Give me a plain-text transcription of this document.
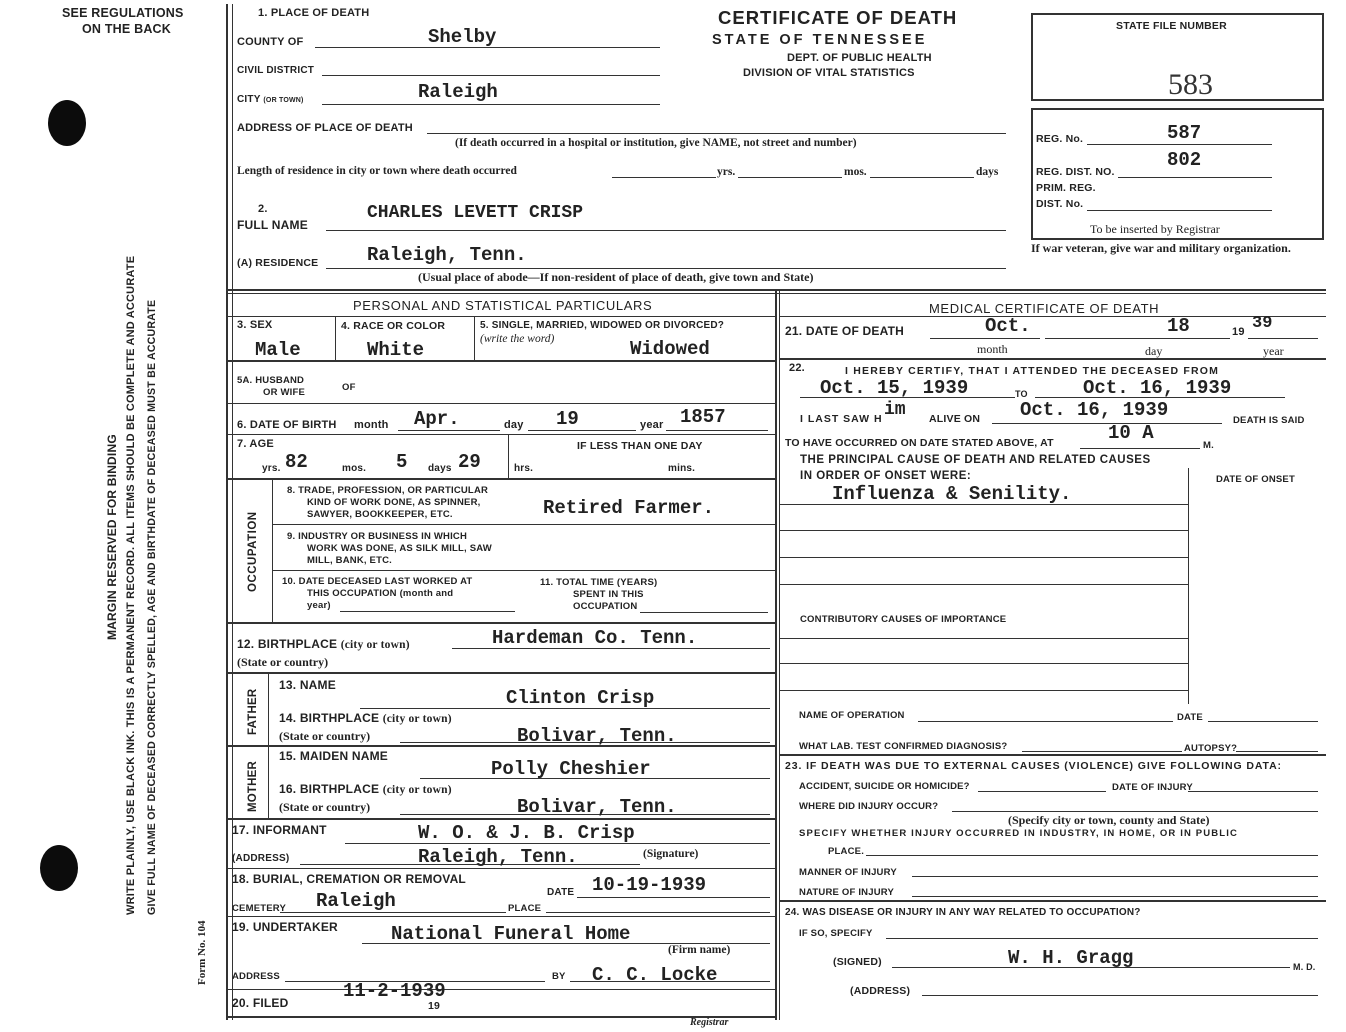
SEE REGULATIONS
ON THE BACK
MARGIN RESERVED FOR BINDING WRITE PLAINLY, USE BLACK INK. THIS IS A PERMANENT RECORD. ALL ITEMS SHOULD BE COMPLETE AND ACCURATE GIVE FULL NAME OF DECEASED CORRECTLY SPELLED, AGE AND BIRTHDATE OF DECEASED MUST BE ACCURATE
Form No. 104
CERTIFICATE OF DEATH
STATE OF TENNESSEE
DEPT. OF PUBLIC HEALTH
DIVISION OF VITAL STATISTICS
STATE FILE NUMBER
583
REG. No.	587
REG. DIST. NO.
802
PRIM. REG.
DIST. No.
To be inserted by Registrar
If war veteran, give war and military organization.
1. PLACE OF DEATH
COUNTY OF	Shelby
CIVIL DISTRICT
CITY (OR TOWN)	Raleigh
ADDRESS OF PLACE OF DEATH
(If death occurred in a hospital or institution, give NAME, not street and number)
Length of residence in city or town where death occurred	yrs.	mos.	days
2.
FULL NAME
CHARLES LEVETT CRISP
(A) RESIDENCE	Raleigh, Tenn.
(Usual place of abode—If non-resident of place of death, give town and State)
PERSONAL AND STATISTICAL PARTICULARS
3. SEX
Male
4. RACE OR COLOR
White
5. SINGLE, MARRIED, WIDOWED OR DIVORCED?
(write the word)	Widowed
5A. HUSBAND
OR WIFE	OF
6. DATE OF BIRTH month Apr.	day 19	year 1857
7. AGE	IF LESS THAN ONE DAY
yrs. 82	mos. 5 days 29	hrs.	mins.
OCCUPATION
8. TRADE, PROFESSION, OR PARTICULAR
KIND OF WORK DONE, AS SPINNER,
SAWYER, BOOKKEEPER, ETC.	Retired Farmer.
9. INDUSTRY OR BUSINESS IN WHICH
WORK WAS DONE, AS SILK MILL, SAW
MILL, BANK, ETC.
10. DATE DECEASED LAST WORKED AT
THIS OCCUPATION (month and
year)
11. TOTAL TIME (YEARS)
SPENT IN THIS
OCCUPATION
12. BIRTHPLACE (city or town)
(State or country)
Hardeman Co. Tenn.
FATHER
13. NAME
Clinton Crisp
14. BIRTHPLACE (city or town)
(State or country)	Bolivar, Tenn.
MOTHER
15. MAIDEN NAME
Polly Cheshier
16. BIRTHPLACE (city or town)
(State or country)	Bolivar, Tenn.
17. INFORMANT	W. O. & J. B. Crisp
(ADDRESS)	Raleigh, Tenn.	(Signature)
18. BURIAL, CREMATION OR REMOVAL
DATE 10-19-1939
CEMETERY Raleigh	PLACE
19. UNDERTAKER	National Funeral Home
(Firm name)
ADDRESS	BY C. C. Locke
20. FILED
11-2-1939
19
Registrar
MEDICAL CERTIFICATE OF DEATH
21. DATE OF DEATH	Oct.	18	19 39
month	day	year
22.	I HEREBY CERTIFY, THAT I ATTENDED THE DECEASED FROM
Oct. 15, 1939	TO	Oct. 16, 1939
I LAST SAW H im ALIVE ON Oct. 16, 1939	DEATH IS SAID
TO HAVE OCCURRED ON DATE STATED ABOVE, AT	10 A
M.
THE PRINCIPAL CAUSE OF DEATH AND RELATED CAUSES
IN ORDER OF ONSET WERE:	DATE OF ONSET
Influenza & Senility.
CONTRIBUTORY CAUSES OF IMPORTANCE
NAME OF OPERATION	DATE
WHAT LAB. TEST CONFIRMED DIAGNOSIS?	AUTOPSY?
23. IF DEATH WAS DUE TO EXTERNAL CAUSES (VIOLENCE) GIVE FOLLOWING DATA:
ACCIDENT, SUICIDE OR HOMICIDE?	DATE OF INJURY
WHERE DID INJURY OCCUR?
(Specify city or town, county and State)
SPECIFY WHETHER INJURY OCCURRED IN INDUSTRY, IN HOME, OR IN PUBLIC
PLACE.
MANNER OF INJURY
NATURE OF INJURY
24. WAS DISEASE OR INJURY IN ANY WAY RELATED TO OCCUPATION?
IF SO, SPECIFY
(SIGNED)	W. H. Gragg	M. D.
(ADDRESS)
